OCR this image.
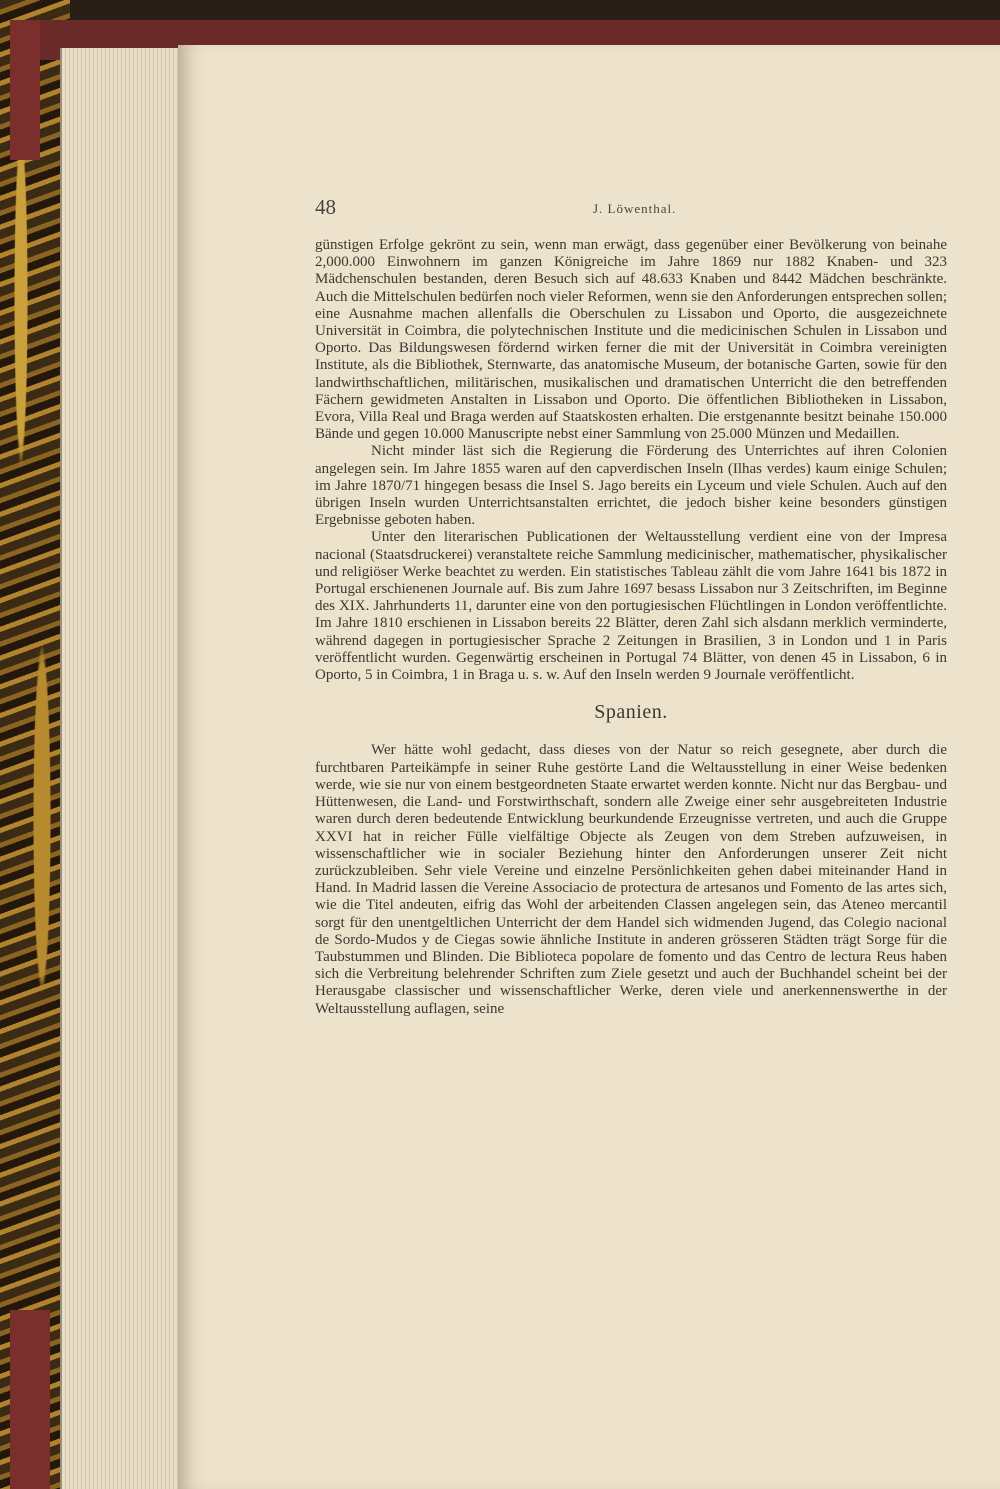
48	J. Löwenthal.

günstigen Erfolge gekrönt zu sein, wenn man erwägt, dass gegenüber einer Bevölkerung von beinahe 2,000.000 Einwohnern im ganzen Königreiche im Jahre 1869 nur 1882 Knaben- und 323 Mädchenschulen bestanden, deren Besuch sich auf 48.633 Knaben und 8442 Mädchen beschränkte. Auch die Mittelschulen bedürfen noch vieler Reformen, wenn sie den Anforderungen entsprechen sollen; eine Ausnahme machen allenfalls die Oberschulen zu Lissabon und Oporto, die ausgezeichnete Universität in Coimbra, die polytechnischen Institute und die medicinischen Schulen in Lissabon und Oporto. Das Bildungswesen fördernd wirken ferner die mit der Universität in Coimbra vereinigten Institute, als die Bibliothek, Sternwarte, das anatomische Museum, der botanische Garten, sowie für den landwirthschaftlichen, militärischen, musikalischen und dramatischen Unterricht die den betreffenden Fächern gewidmeten Anstalten in Lissabon und Oporto. Die öffentlichen Bibliotheken in Lissabon, Evora, Villa Real und Braga werden auf Staatskosten erhalten. Die erstgenannte besitzt beinahe 150.000 Bände und gegen 10.000 Manuscripte nebst einer Sammlung von 25.000 Münzen und Medaillen.

Nicht minder läst sich die Regierung die Förderung des Unterrichtes auf ihren Colonien angelegen sein. Im Jahre 1855 waren auf den capverdischen Inseln (Ilhas verdes) kaum einige Schulen; im Jahre 1870/71 hingegen besass die Insel S. Jago bereits ein Lyceum und viele Schulen. Auch auf den übrigen Inseln wurden Unterrichtsanstalten errichtet, die jedoch bisher keine besonders günstigen Ergebnisse geboten haben.

Unter den literarischen Publicationen der Weltausstellung verdient eine von der Impresa nacional (Staatsdruckerei) veranstaltete reiche Sammlung medicinischer, mathematischer, physikalischer und religiöser Werke beachtet zu werden. Ein statistisches Tableau zählt die vom Jahre 1641 bis 1872 in Portugal erschienenen Journale auf. Bis zum Jahre 1697 besass Lissabon nur 3 Zeitschriften, im Beginne des XIX. Jahrhunderts 11, darunter eine von den portugiesischen Flüchtlingen in London veröffentlichte. Im Jahre 1810 erschienen in Lissabon bereits 22 Blätter, deren Zahl sich alsdann merklich verminderte, während dagegen in portugiesischer Sprache 2 Zeitungen in Brasilien, 3 in London und 1 in Paris veröffentlicht wurden. Gegenwärtig erscheinen in Portugal 74 Blätter, von denen 45 in Lissabon, 6 in Oporto, 5 in Coimbra, 1 in Braga u. s. w. Auf den Inseln werden 9 Journale veröffentlicht.

Spanien.

Wer hätte wohl gedacht, dass dieses von der Natur so reich gesegnete, aber durch die furchtbaren Parteikämpfe in seiner Ruhe gestörte Land die Weltausstellung in einer Weise bedenken werde, wie sie nur von einem bestgeordneten Staate erwartet werden konnte. Nicht nur das Bergbau- und Hüttenwesen, die Land- und Forstwirthschaft, sondern alle Zweige einer sehr ausgebreiteten Industrie waren durch deren bedeutende Entwicklung beurkundende Erzeugnisse vertreten, und auch die Gruppe XXVI hat in reicher Fülle vielfältige Objecte als Zeugen von dem Streben aufzuweisen, in wissenschaftlicher wie in socialer Beziehung hinter den Anforderungen unserer Zeit nicht zurückzubleiben. Sehr viele Vereine und einzelne Persönlichkeiten gehen dabei miteinander Hand in Hand. In Madrid lassen die Vereine Associacio de protectura de artesanos und Fomento de las artes sich, wie die Titel andeuten, eifrig das Wohl der arbeitenden Classen angelegen sein, das Ateneo mercantil sorgt für den unentgeltlichen Unterricht der dem Handel sich widmenden Jugend, das Colegio nacional de Sordo-Mudos y de Ciegas sowie ähnliche Institute in anderen grösseren Städten trägt Sorge für die Taubstummen und Blinden. Die Biblioteca popolare de fomento und das Centro de lectura Reus haben sich die Verbreitung belehrender Schriften zum Ziele gesetzt und auch der Buchhandel scheint bei der Herausgabe classischer und wissenschaftlicher Werke, deren viele und anerkennenswerthe in der Weltausstellung auflagen, seine
